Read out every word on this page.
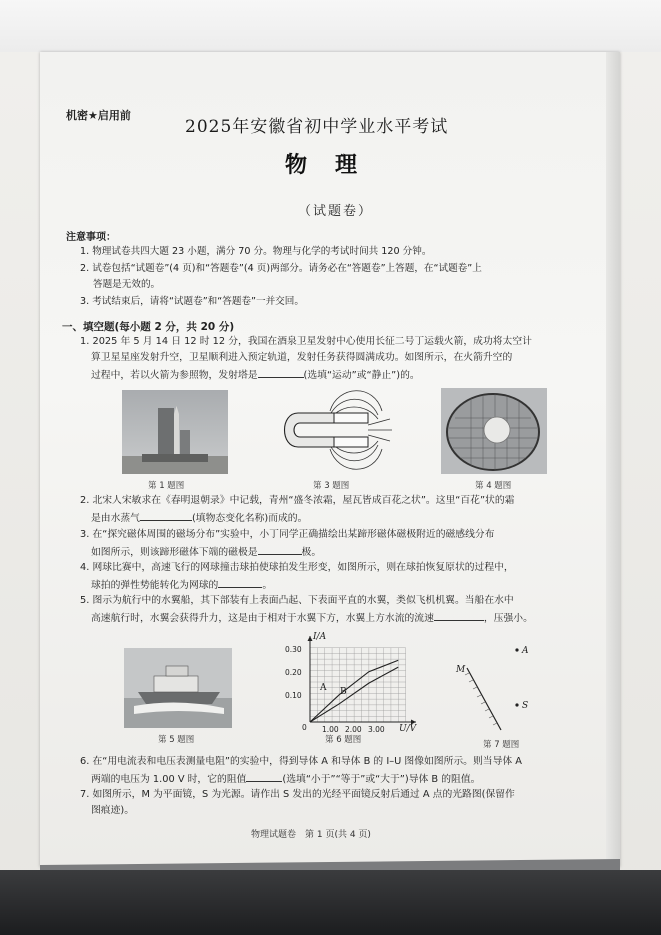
机密★启用前
2025年安徽省初中学业水平考试
物理
（试题卷）
注意事项：
1. 物理试卷共四大题 23 小题，满分 70 分。物理与化学的考试时间共 120 分钟。
2. 试卷包括“试题卷”(4 页)和“答题卷”(4 页)两部分。请务必在“答题卷”上答题，在“试题卷”上
答题是无效的。
3. 考试结束后，请将“试题卷”和“答题卷”一并交回。
一、填空题(每小题 2 分，共 20 分)
1. 2025 年 5 月 14 日 12 时 12 分，我国在酒泉卫星发射中心使用长征二号丁运载火箭，成功将太空计
算卫星星座发射升空，卫星顺利进入预定轨道，发射任务获得圆满成功。如图所示，在火箭升空的
过程中，若以火箭为参照物，发射塔是	(选填“运动”或“静止”)的。
第 1 题图	第 3 题图	第 4 题图
2. 北宋人宋敏求在《春明退朝录》中记载，青州“盛冬浓霜，屋瓦皆成百花之状”。这里“百花”状的霜
是由水蒸气	(填物态变化名称)而成的。
3. 在“探究磁体周围的磁场分布”实验中，小丁同学正确描绘出某蹄形磁体磁极附近的磁感线分布
如图所示，则该蹄形磁体下端的磁极是	极。
4. 网球比赛中，高速飞行的网球撞击球拍使球拍发生形变，如图所示，则在球拍恢复原状的过程中，
球拍的弹性势能转化为网球的	。
5. 图示为航行中的水翼船，其下部装有上表面凸起、下表面平直的水翼，类似飞机机翼。当船在水中
高速航行时，水翼会获得升力，这是由于相对于水翼下方，水翼上方水流的流速	，压强小。
第 5 题图
I/A
U/V
0.30
0.20
0.10
0 1.00 2.00 3.00
A B
第 6 题图
M
A
S
第 7 题图
6. 在“用电流表和电压表测量电阻”的实验中，得到导体 A 和导体 B 的 I–U 图像如图所示。则当导体 A
两端的电压为 1.00 V 时，它的阻值	(选填“小于”“等于”或“大于”)导体 B 的阻值。
7. 如图所示，M 为平面镜，S 为光源。请作出 S 发出的光经平面镜反射后通过 A 点的光路图(保留作
图痕迹)。
物理试题卷　第 1 页(共 4 页)
